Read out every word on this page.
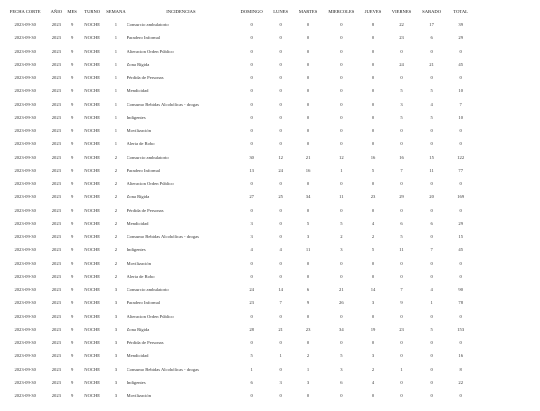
FECHA CORTE	AÑIO	MES	TURNO	SEMANA	INCIDENCIAS	DOMINGO	LUNES	MARTES	MIERCOLES	JUEVES	VIERNES	SABADO	TOTAL
2023-09-30	2023	9	NOCHE	1	Consurcio ambulatorio	0	0	0	0	8	22	17	39
2023-09-30	2023	9	NOCHE	1	Paradero Informal	0	0	0	0	0	23	6	29
2023-09-30	2023	9	NOCHE	1	Alteracion Orden Público	0	0	0	0	0	0	0	0
2023-09-30	2023	9	NOCHE	1	Zona Rígida	0	0	0	0	0	24	21	45
2023-09-30	2023	9	NOCHE	1	Pérdida de Personas	0	0	0	0	0	0	0	0
2023-09-30	2023	9	NOCHE	1	Mendicidad	0	0	0	0	0	5	5	10
2023-09-30	2023	9	NOCHE	1	Consumo Bebidas Alcohólicas - drogas	0	0	0	0	0	3	4	7
2023-09-30	2023	9	NOCHE	1	Indigentes	0	0	0	0	0	5	5	10
2023-09-30	2023	9	NOCHE	1	Movilización	0	0	0	0	0	0	0	0
2023-09-30	2023	9	NOCHE	1	Alerta de Robo	0	0	0	0	0	0	0	0
2023-09-30	2023	9	NOCHE	2	Consurcio ambulatorio	30	12	21	12	16	16	15	122
2023-09-30	2023	9	NOCHE	2	Paradero Informal	13	24	16	1	5	7	11	77
2023-09-30	2023	9	NOCHE	2	Alteracion Orden Público	0	0	0	0	0	0	0	0
2023-09-30	2023	9	NOCHE	2	Zona Rígida	27	25	34	11	23	29	20	169
2023-09-30	2023	9	NOCHE	2	Pérdida de Personas	0	0	0	0	0	0	0	0
2023-09-30	2023	9	NOCHE	2	Mendicidad	3	0	5	5	4	6	6	29
2023-09-30	2023	9	NOCHE	2	Consumo Bebidas Alcohólicas - drogas	3	0	3	2	2	5	0	15
2023-09-30	2023	9	NOCHE	2	Indigentes	4	4	11	3	5	11	7	45
2023-09-30	2023	9	NOCHE	2	Movilización	0	0	0	0	0	0	0	0
2023-09-30	2023	9	NOCHE	2	Alerta de Robo	0	0	0	0	0	0	0	0
2023-09-30	2023	9	NOCHE	3	Consurcio ambulatorio	24	14	6	21	14	7	4	90
2023-09-30	2023	9	NOCHE	3	Paradero Informal	23	7	9	26	3	9	1	78
2023-09-30	2023	9	NOCHE	3	Alteracion Orden Público	0	0	0	0	0	0	0	0
2023-09-30	2023	9	NOCHE	3	Zona Rígida	28	21	23	34	19	23	5	153
2023-09-30	2023	9	NOCHE	3	Pérdida de Personas	0	0	0	0	0	0	0	0
2023-09-30	2023	9	NOCHE	3	Mendicidad	5	1	2	5	3	0	0	16
2023-09-30	2023	9	NOCHE	3	Consumo Bebidas Alcohólicas - drogas	1	0	1	3	2	1	0	8
2023-09-30	2023	9	NOCHE	3	Indigentes	6	3	3	6	4	0	0	22
2023-09-30	2023	9	NOCHE	3	Movilización	0	0	0	0	0	0	0	0
